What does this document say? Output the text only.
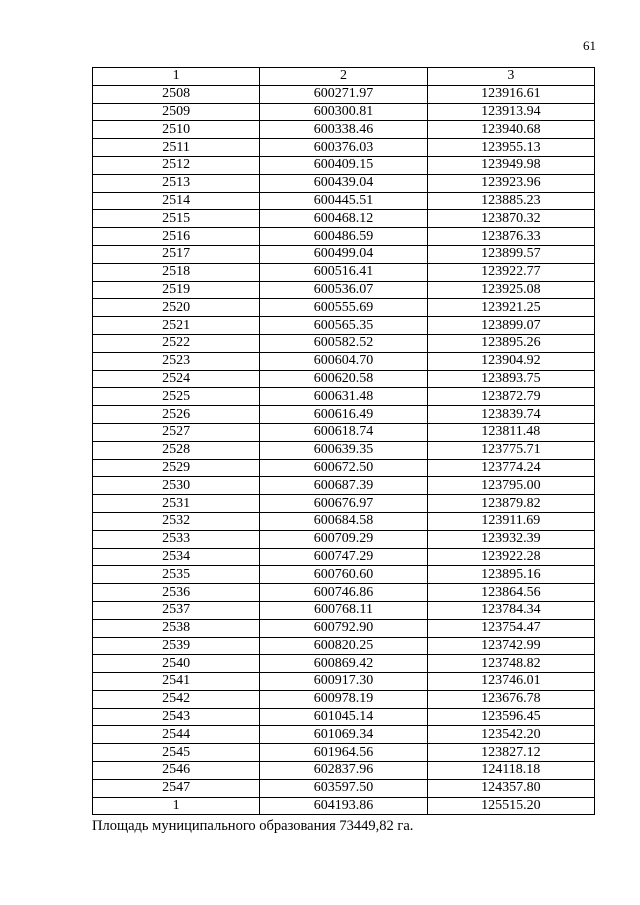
61
1	2	3
2508	600271.97	123916.61
2509	600300.81	123913.94
2510	600338.46	123940.68
2511	600376.03	123955.13
2512	600409.15	123949.98
2513	600439.04	123923.96
2514	600445.51	123885.23
2515	600468.12	123870.32
2516	600486.59	123876.33
2517	600499.04	123899.57
2518	600516.41	123922.77
2519	600536.07	123925.08
2520	600555.69	123921.25
2521	600565.35	123899.07
2522	600582.52	123895.26
2523	600604.70	123904.92
2524	600620.58	123893.75
2525	600631.48	123872.79
2526	600616.49	123839.74
2527	600618.74	123811.48
2528	600639.35	123775.71
2529	600672.50	123774.24
2530	600687.39	123795.00
2531	600676.97	123879.82
2532	600684.58	123911.69
2533	600709.29	123932.39
2534	600747.29	123922.28
2535	600760.60	123895.16
2536	600746.86	123864.56
2537	600768.11	123784.34
2538	600792.90	123754.47
2539	600820.25	123742.99
2540	600869.42	123748.82
2541	600917.30	123746.01
2542	600978.19	123676.78
2543	601045.14	123596.45
2544	601069.34	123542.20
2545	601964.56	123827.12
2546	602837.96	124118.18
2547	603597.50	124357.80
1	604193.86	125515.20
Площадь муниципального образования 73449,82 га.
